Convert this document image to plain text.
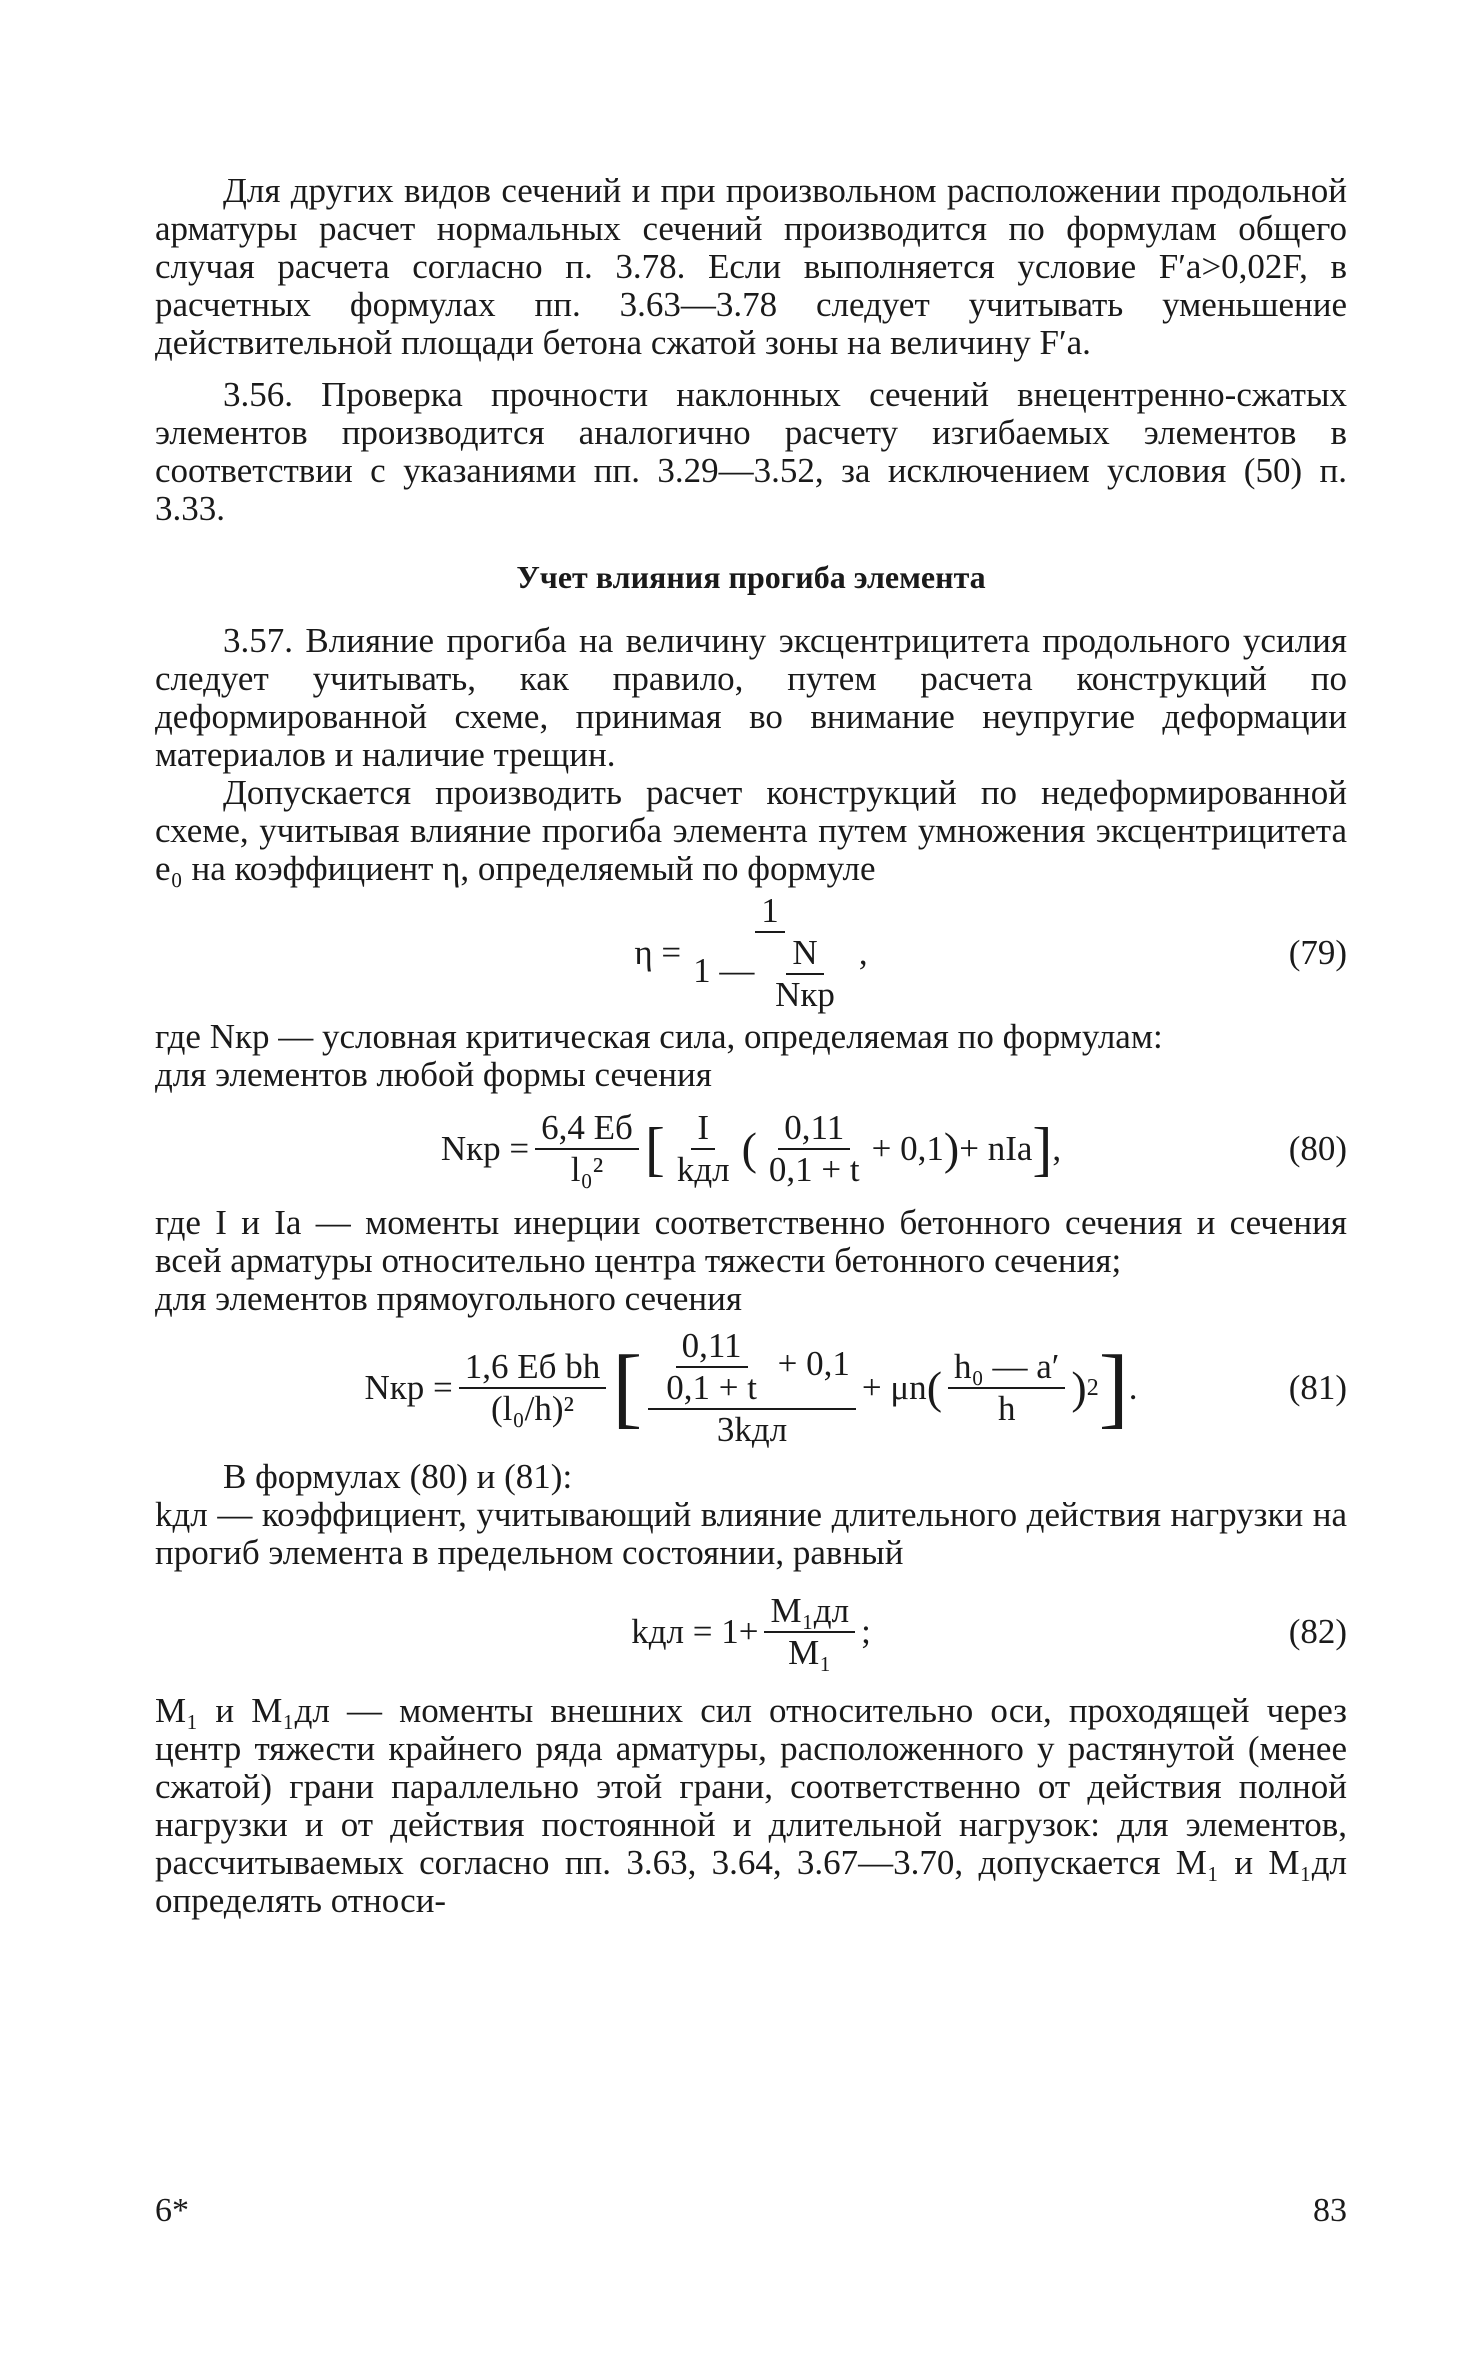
Для других видов сечений и при произвольном расположении продольной арматуры расчет нормальных сечений производится по формулам общего случая расчета согласно п. 3.78. Если выполняется условие F′а>0,02F, в расчетных формулах пп. 3.63—3.78 следует учитывать уменьшение действительной площади бетона сжатой зоны на величину F′а.

3.56. Проверка прочности наклонных сечений внецентренно-сжатых элементов производится аналогично расчету изгибаемых элементов в соответствии с указаниями пп. 3.29—3.52, за исключением условия (50) п. 3.33.

Учет влияния прогиба элемента

3.57. Влияние прогиба на величину эксцентрицитета продольного усилия следует учитывать, как правило, путем расчета конструкций по деформированной схеме, принимая во внимание неупругие деформации материалов и наличие трещин.

Допускается производить расчет конструкций по недеформированной схеме, учитывая влияние прогиба элемента путем умножения эксцентрицитета e₀ на коэффициент η, определяемый по формуле

$\eta = \frac{1}{1 — \frac{N}{\text{Nкр}}}$ ,	(79)

где Nкр — условная критическая сила, определяемая по формулам:

для элементов любой формы сечения

Nкр = $\frac{6,4 Eб}{\text{l₀²}}$ [ $\frac{I}{\text{kдл}}$ ( $\frac{0,11}{0,1 + t} + 0,1$ ) + nIа ] ,	(80)

где I и Iа — моменты инерции соответственно бетонного сечения и сечения всей арматуры относительно центра тяжести бетонного сечения;

для элементов прямоугольного сечения

Nкр = $\frac{\text{1,6 Eб bh}}{\text{(l₀/h)²}}$ [ $\frac{\frac{0,11}{0,1 + t} + 0,1}{\text{3kдл}} + \mu n$ ( $\frac{\text{h₀ — a′}}{h}$ ) 2 ] .	(81)

В формулах (80) и (81):

kдл — коэффициент, учитывающий влияние длительного действия нагрузки на прогиб элемента в предельном состоянии, равный

kдл = $1+ \frac{\text{M₁дл}}{\text{M₁}}$ ;	(82)

M₁ и M₁дл — моменты внешних сил относительно оси, проходящей через центр тяжести крайнего ряда арматуры, расположенного у растянутой (менее сжатой) грани параллельно этой грани, соответственно от действия полной нагрузки и от действия постоянной и длительной нагрузок: для элементов, рассчитываемых согласно пп. 3.63, 3.64, 3.67—3.70, допускается M₁ и M₁дл определять относи-

6*	83
